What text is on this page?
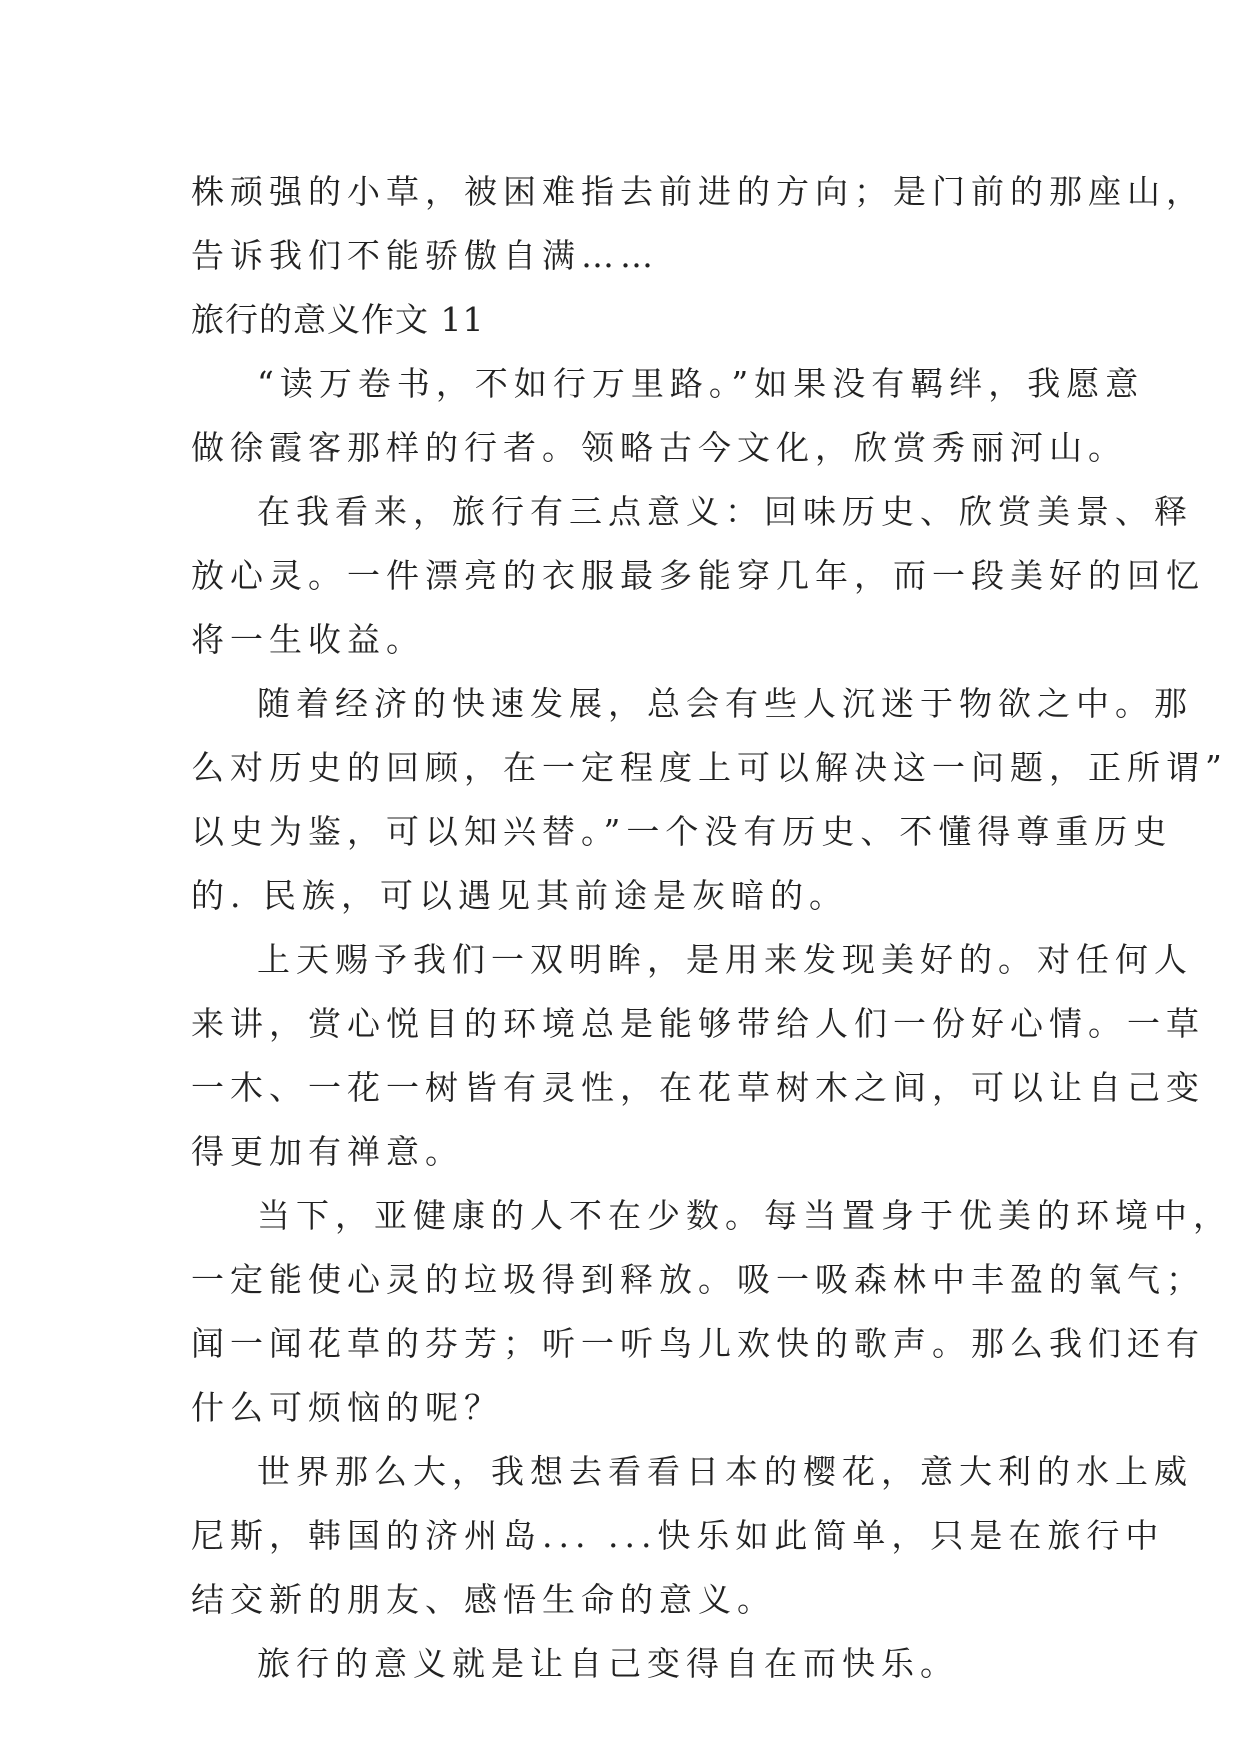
株顽强的小草，被困难指去前进的方向；是门前的那座山，
告诉我们不能骄傲自满……
旅行的意义作文 11
“读万卷书，不如行万里路。”如果没有羁绊，我愿意
做徐霞客那样的行者。领略古今文化，欣赏秀丽河山。
在我看来，旅行有三点意义：回味历史、欣赏美景、释
放心灵。一件漂亮的衣服最多能穿几年，而一段美好的回忆
将一生收益。
随着经济的快速发展，总会有些人沉迷于物欲之中。那
么对历史的回顾，在一定程度上可以解决这一问题，正所谓”
以史为鉴，可以知兴替。”一个没有历史、不懂得尊重历史
的. 民族，可以遇见其前途是灰暗的。
上天赐予我们一双明眸，是用来发现美好的。对任何人
来讲，赏心悦目的环境总是能够带给人们一份好心情。一草
一木、一花一树皆有灵性，在花草树木之间，可以让自己变
得更加有禅意。
当下，亚健康的人不在少数。每当置身于优美的环境中，
一定能使心灵的垃圾得到释放。吸一吸森林中丰盈的氧气；
闻一闻花草的芬芳；听一听鸟儿欢快的歌声。那么我们还有
什么可烦恼的呢？
世界那么大，我想去看看日本的樱花，意大利的水上威
尼斯，韩国的济州岛... ...快乐如此简单，只是在旅行中
结交新的朋友、感悟生命的意义。
旅行的意义就是让自己变得自在而快乐。
